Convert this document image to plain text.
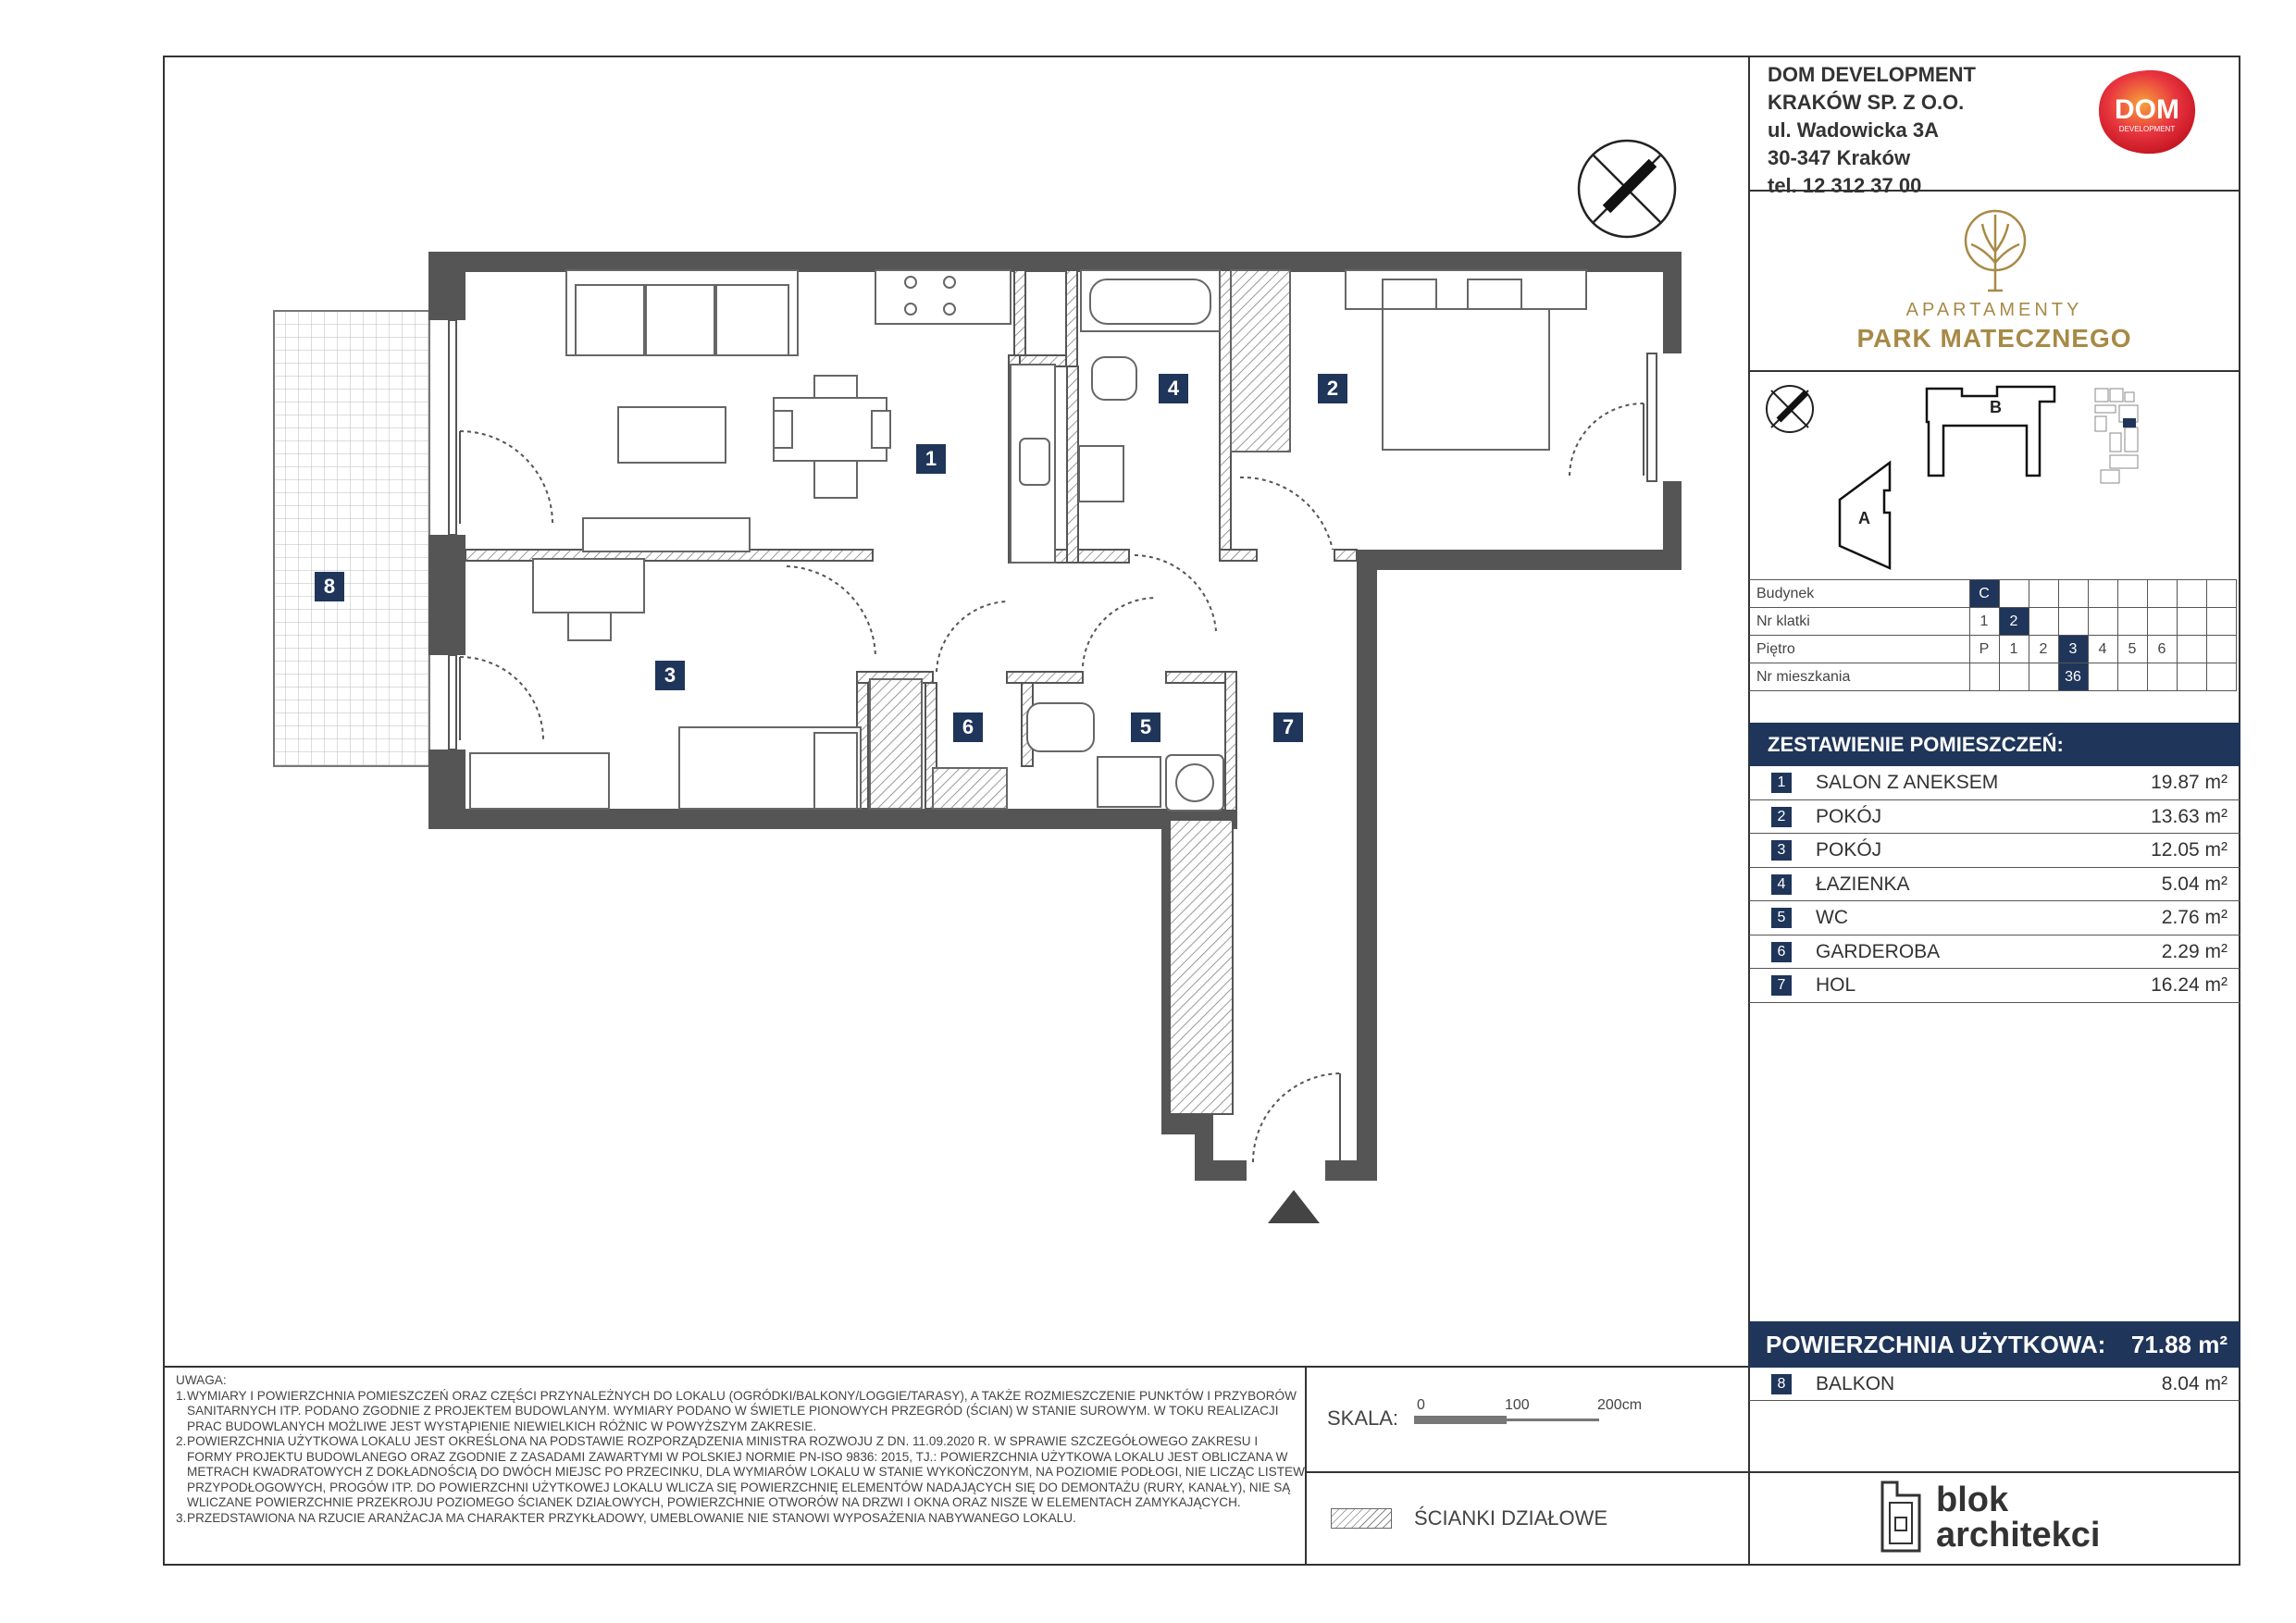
DOM DEVELOPMENT
KRAKÓW SP. Z O.O.
ul. Wadowicka 3A
30-347 Kraków
tel. 12 312 37 00
DOM
DEVELOPMENT
APARTAMENTY
PARK MATECZNEGO
B
A
Budynek	C								
Nr klatki	1	2							
Piętro	P	1	2	3	4	5	6		
Nr mieszkania				36					
ZESTAWIENIE POMIESZCZEŃ:
1	SALON Z ANEKSEM	19.87 m²
2	POKÓJ	13.63 m²
3	POKÓJ	12.05 m²
4	ŁAZIENKA	5.04 m²
5	WC	2.76 m²
6	GARDEROBA	2.29 m²
7	HOL	16.24 m²
POWIERZCHNIA UŻYTKOWA: 71.88 m²
8	BALKON	8.04 m²

UWAGA:

1. WYMIARY I POWIERZCHNIA POMIESZCZEŃ ORAZ CZĘŚCI PRZYNALEŻNYCH DO LOKALU (OGRÓDKI/BALKONY/LOGGIE/TARASY), A TAKŻE ROZMIESZCZENIE PUNKTÓW I PRZYBORÓW SANITARNYCH ITP. PODANO ZGODNIE Z PROJEKTEM BUDOWLANYM. WYMIARY PODANO W ŚWIETLE PIONOWYCH PRZEGRÓD (ŚCIAN) W STANIE SUROWYM. W TOKU REALIZACJI PRAC BUDOWLANYCH MOŻLIWE JEST WYSTĄPIENIE NIEWIELKICH RÓŻNIC W POWYŻSZYM ZAKRESIE.
2. POWIERZCHNIA UŻYTKOWA LOKALU JEST OKREŚLONA NA PODSTAWIE ROZPORZĄDZENIA MINISTRA ROZWOJU Z DN. 11.09.2020 R. W SPRAWIE SZCZEGÓŁOWEGO ZAKRESU I FORMY PROJEKTU BUDOWLANEGO ORAZ ZGODNIE Z ZASADAMI ZAWARTYMI W POLSKIEJ NORMIE PN-ISO 9836: 2015, TJ.: POWIERZCHNIA UŻYTKOWA LOKALU JEST OBLICZANA W METRACH KWADRATOWYCH Z DOKŁADNOŚCIĄ DO DWÓCH MIEJSC PO PRZECINKU, DLA WYMIARÓW LOKALU W STANIE WYKOŃCZONYM, NA POZIOMIE PODŁOGI, NIE LICZĄC LISTEW PRZYPODŁOGOWYCH, PROGÓW ITP. DO POWIERZCHNI UŻYTKOWEJ LOKALU WLICZA SIĘ POWIERZCHNIĘ ELEMENTÓW NADAJĄCYCH SIĘ DO DEMONTAŻU (RURY, KANAŁY), NIE SĄ WLICZANE POWIERZCHNIE PRZEKROJU POZIOMEGO ŚCIANEK DZIAŁOWYCH, POWIERZCHNIE OTWORÓW NA DRZWI I OKNA ORAZ NISZE W ELEMENTACH ZAMYKAJĄCYCH.
3. PRZEDSTAWIONA NA RZUCIE ARANŻACJA MA CHARAKTER PRZYKŁADOWY, UMEBLOWANIE NIE STANOWI WYPOSAŻENIA NABYWANEGO LOKALU.
SKALA:
0	100	200cm
ŚCIANKI DZIAŁOWE	blok
architekci
1
2
3
4
5
6	7
8
